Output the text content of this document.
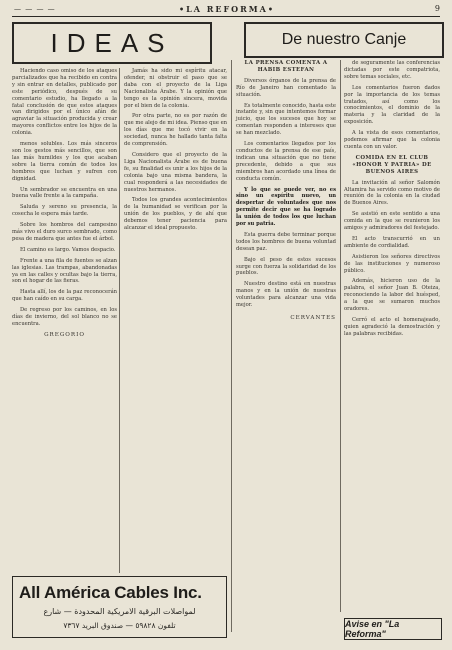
— — — —	•LA REFORMA•	9
IDEAS	De nuestro Canje

Haciendo caso omiso de los ataques parcializados que ha recibido en contra y sin entrar en detalles, publicado por este periódico, después de su comentario estudio, ha llegado a la fatal conclusión de que estos ataques van dirigidos por el único afán de agraviar la situación producida y crear mayores conflictos entre los hijos de la colonia.

menos solubles. Los más sinceros son los gestos más sencillos, que son las más humildes y los que acaban sobre la tierra común de todos los hombres que luchan y sufren con dignidad.

Un sembrador se encuentra en una buena valle frente a la campaña.

Saluda y sereno su presencia, la cosecha le espera más tarde.

Sobre los hombros del campesino más vivo el duro surco sembrado, como pesa de madera que antes fue el árbol.

El camino es largo. Vamos despacio.

Frente a una fila de fuentes se alzan las iglesias. Las trampas, abandonadas ya en las calles y ocultas bajo la tierra, son el hogar de las fieras.

Hasta allí, los de la paz reconocerán que han caído en su carga.

De regreso por los caminos, en los días de invierno, del sol blanco no se encuentra.

GREGORIO

Jamás ha sido mi espíritu atacar, ofender, ni obstruir el paso que se daba con el proyecto de la Liga Nacionalista Árabe. Y la opinión que tengo es la opinión sincera, movida por el bien de la colonia.

Por otra parte, no es por razón de que me alejo de mi idea. Pienso que en los días que me tocó vivir en la sociedad, nunca he hallado tanta falta de comprensión.

Considero que el proyecto de la Liga Nacionalista Árabe es de buena fe, su finalidad es unir a los hijos de la colonia bajo una misma bandera, la cual responderá a las necesidades de nuestros hermanos.

Todos los grandes acontecimientos de la humanidad se verifican por la unión de los pueblos, y de ahí que debemos tener paciencia para alcanzar el ideal propuesto.

LA PRENSA COMENTA A HABIB ESTEFAN

Diversos órganos de la prensa de Río de Janeiro han comentado la situación.

Es totalmente conocido, hasta este instante y, sin que intentemos formar juicio, que los sucesos que hoy se comentan responden a intereses que se han mezclado.

Los comentarios llegados por los conductos de la prensa de ese país, indican una situación que no tiene precedente, debido a que sus miembros han acordado una línea de conducta común.

Y lo que se puede ver, no es sino un espíritu nuevo, un despertar de voluntades que nos permite decir que se ha logrado la unión de todos los que luchan por su patria.

Esta guerra debe terminar porque todos los hombres de buena voluntad desean paz.

Bajo el peso de estos sucesos surge con fuerza la solidaridad de los pueblos.

Nuestro destino está en nuestras manos y en la unión de nuestras voluntades para alcanzar una vida mejor.

CERVANTES

de seguramente las conferencias dictadas por este compatriota, sobre temas sociales, etc.

Los comentarios fueron dados por la importancia de los temas tratados, así como los conocimientos, el dominio de la materia y la claridad de la exposición.

A la vista de esos comentarios, podemos afirmar que la colonia cuenta con un valor.

COMIDA EN EL CLUB «HONOR Y PATRIA» DE BUENOS AIRES

La invitación al señor Salomón Altamira ha servido como motivo de reunión de la colonia en la ciudad de Buenos Aires.

Se asistió en este sentido a una comida en la que se reunieron los amigos y admiradores del festejado.

El acto transcurrió en un ambiente de cordialidad.

Asistieron los señores directivos de las instituciones y numeroso público.

Además, hicieron uso de la palabra, el señor Juan B. Oteiza, reconociendo la labor del huésped, a la que se sumaron muchos oradores.

Cerró el acto el homenajeado, quien agradeció la demostración y las palabras recibidas.

All América Cables Inc.
لمواصلات البرقية الامريكية المحدودة — شارع
تلفون ٥٩٨٢٨ — صندوق البريد ٧٣٦٧	Avise en "La Reforma"
